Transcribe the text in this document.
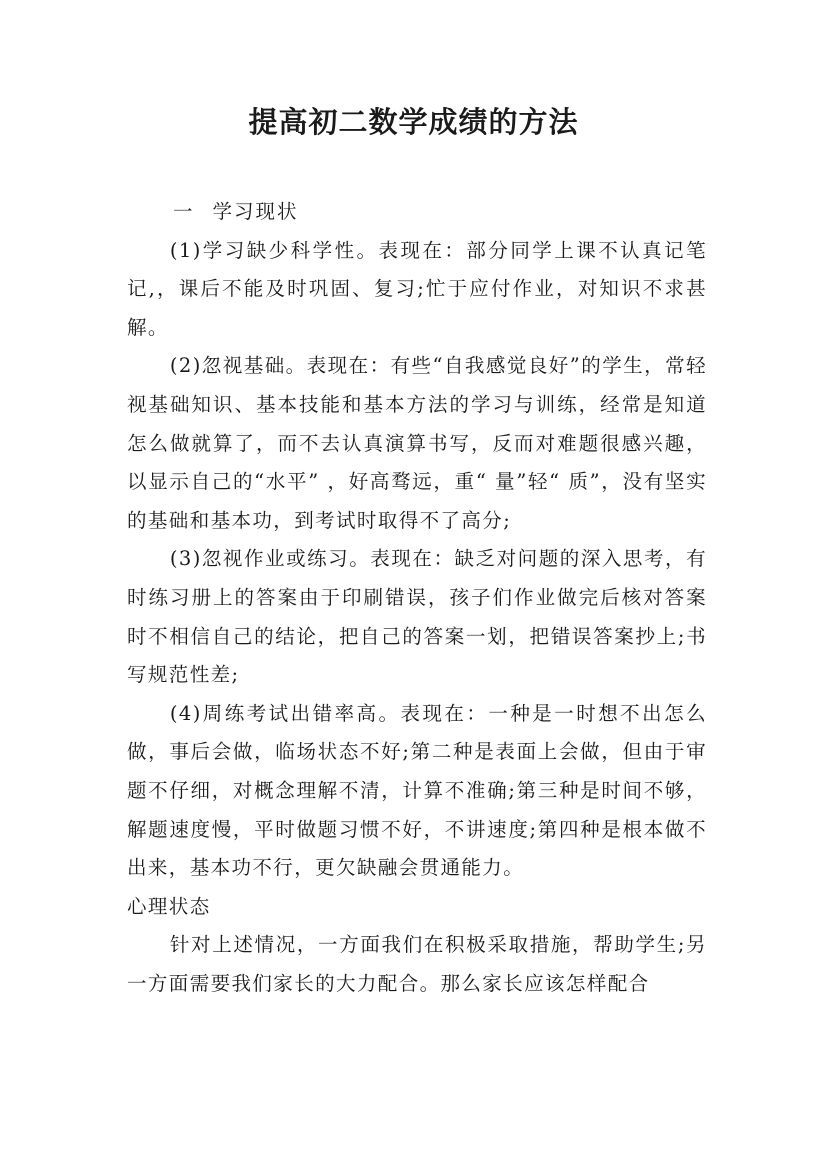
提高初二数学成绩的方法

一 学习现状

(1)学习缺少科学性。表现在：部分同学上课不认真记笔记,，课后不能及时巩固、复习;忙于应付作业，对知识不求甚解。

(2)忽视基础。表现在：有些“自我感觉良好”的学生，常轻视基础知识、基本技能和基本方法的学习与训练，经常是知道怎么做就算了，而不去认真演算书写，反而对难题很感兴趣，以显示自己的“水平” ，好高骛远，重“ 量”轻“ 质”，没有坚实的基础和基本功，到考试时取得不了高分;

(3)忽视作业或练习。表现在：缺乏对问题的深入思考，有时练习册上的答案由于印刷错误，孩子们作业做完后核对答案时不相信自己的结论，把自己的答案一划，把错误答案抄上;书写规范性差;

(4)周练考试出错率高。表现在：一种是一时想不出怎么做，事后会做，临场状态不好;第二种是表面上会做，但由于审题不仔细，对概念理解不清，计算不准确;第三种是时间不够，解题速度慢，平时做题习惯不好，不讲速度;第四种是根本做不出来，基本功不行，更欠缺融会贯通能力。

心理状态

针对上述情况，一方面我们在积极采取措施，帮助学生;另一方面需要我们家长的大力配合。那么家长应该怎样配合
